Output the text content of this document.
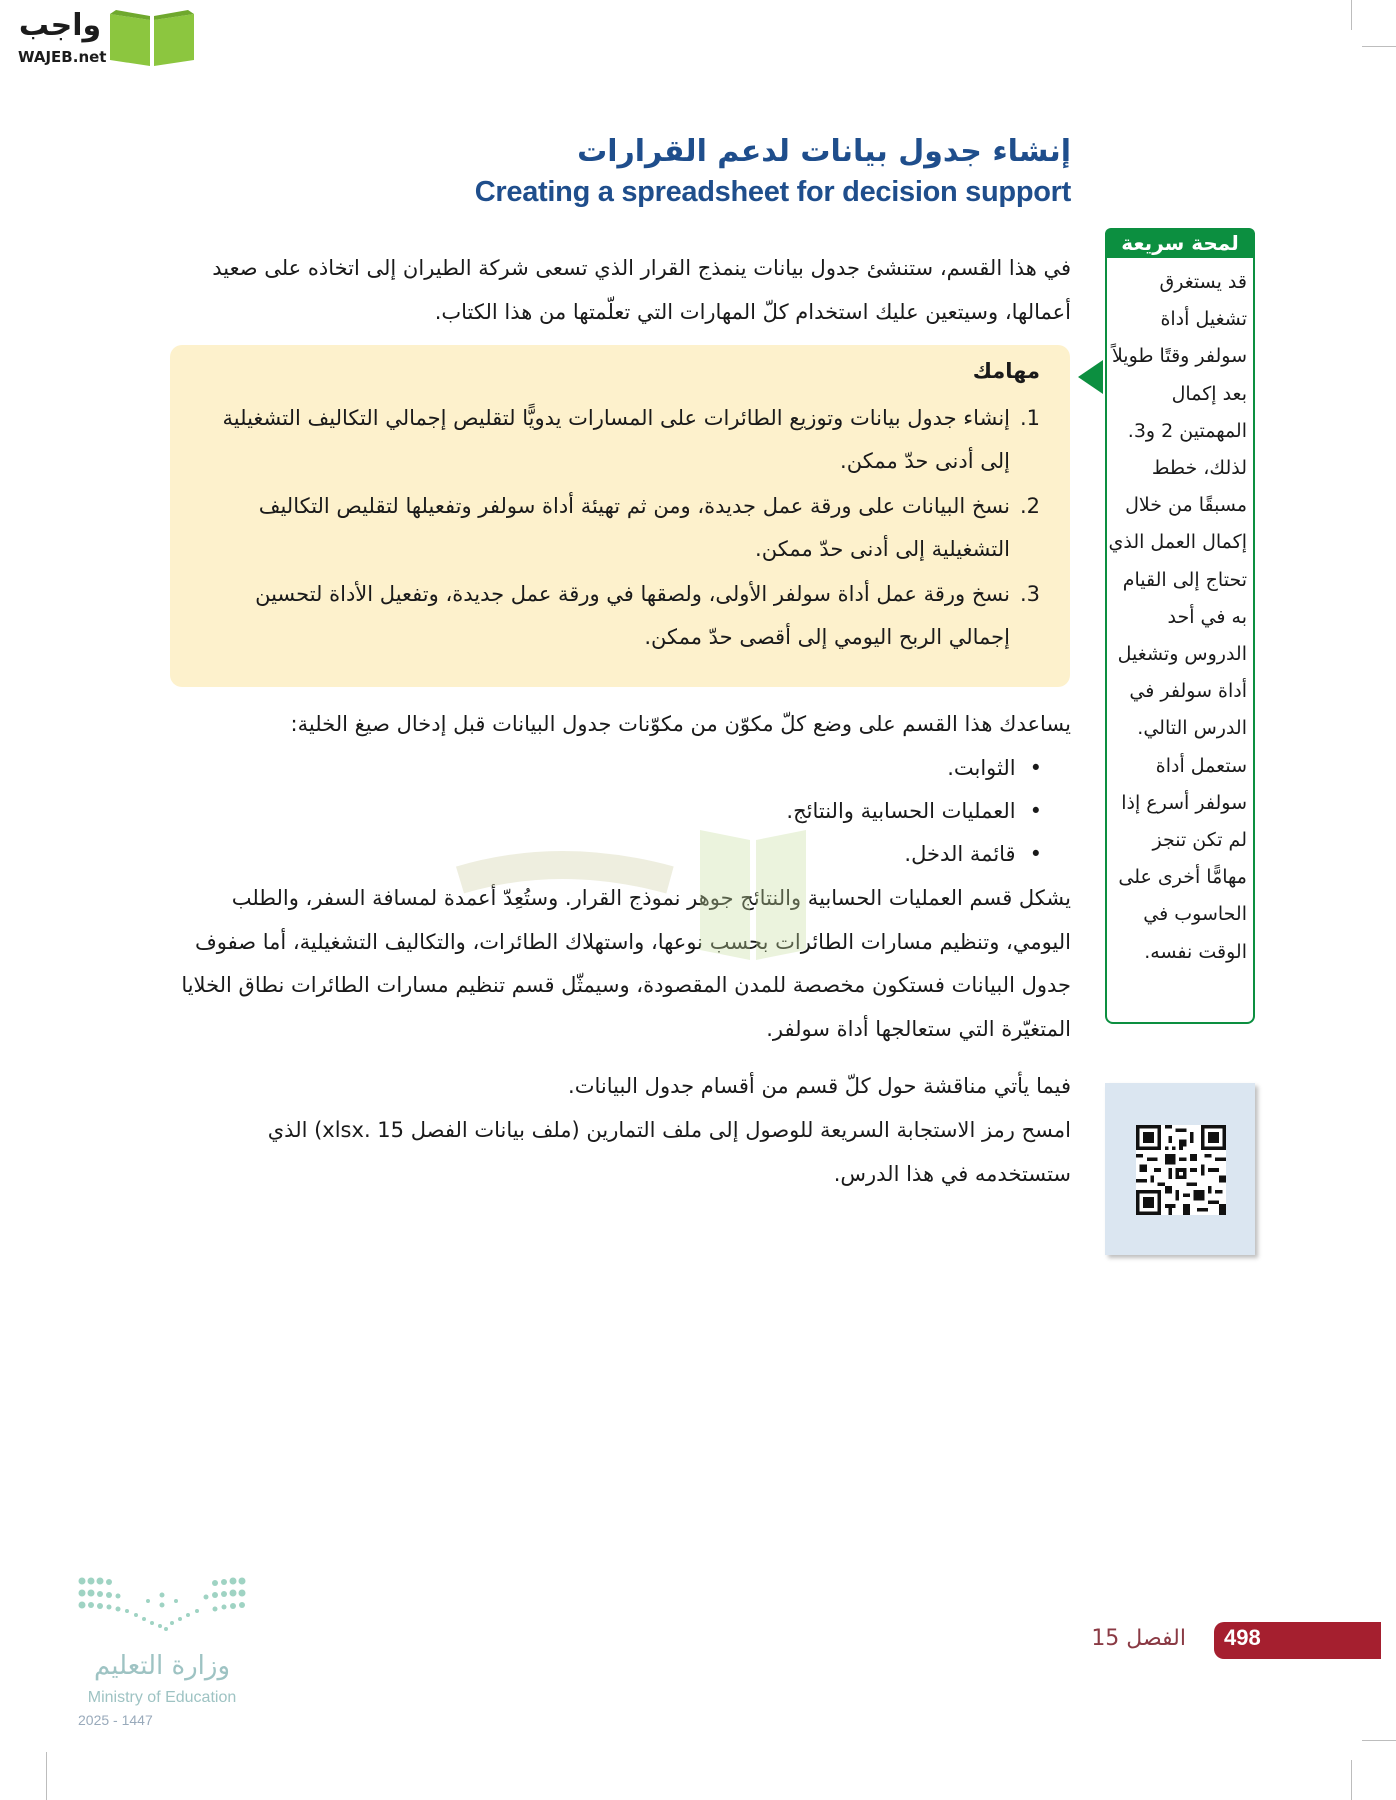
واجب
WAJEB.net
إنشاء جدول بيانات لدعم القرارات
Creating a spreadsheet for decision support
في هذا القسم، ستنشئ جدول بيانات ينمذج القرار الذي تسعى شركة الطيران إلى اتخاذه على صعيد أعمالها، وسيتعين عليك استخدام كلّ المهارات التي تعلّمتها من هذا الكتاب.
مهامك
1.
إنشاء جدول بيانات وتوزيع الطائرات على المسارات يدويًّا لتقليص إجمالي التكاليف التشغيلية إلى أدنى حدّ ممكن.
2.
نسخ البيانات على ورقة عمل جديدة، ومن ثم تهيئة أداة سولفر وتفعيلها لتقليص التكاليف التشغيلية إلى أدنى حدّ ممكن.
3.
نسخ ورقة عمل أداة سولفر الأولى، ولصقها في ورقة عمل جديدة، وتفعيل الأداة لتحسين إجمالي الربح اليومي إلى أقصى حدّ ممكن.
يساعدك هذا القسم على وضع كلّ مكوّن من مكوّنات جدول البيانات قبل إدخال صيغ الخلية:
• الثوابت.
• العمليات الحسابية والنتائج.
• قائمة الدخل.
يشكل قسم العمليات الحسابية والنتائج جوهر نموذج القرار. وستُعِدّ أعمدة لمسافة السفر، والطلب اليومي، وتنظيم مسارات الطائرات بحسب نوعها، واستهلاك الطائرات، والتكاليف التشغيلية، أما صفوف جدول البيانات فستكون مخصصة للمدن المقصودة، وسيمثّل قسم تنظيم مسارات الطائرات نطاق الخلايا المتغيّرة التي ستعالجها أداة سولفر.
فيما يأتي مناقشة حول كلّ قسم من أقسام جدول البيانات.
امسح رمز الاستجابة السريعة للوصول إلى ملف التمارين (ملف بيانات الفصل 15 .xlsx) الذي ستستخدمه في هذا الدرس.
لمحة سريعة
قد يستغرق تشغيل أداة سولفر وقتًا طويلاً بعد إكمال المهمتين 2 و3. لذلك، خطط مسبقًا من خلال إكمال العمل الذي تحتاج إلى القيام به في أحد الدروس وتشغيل أداة سولفر في الدرس التالي. ستعمل أداة سولفر أسرع إذا لم تكن تنجز مهامًّا أخرى على الحاسوب في الوقت نفسه.
وزارة التعليم
Ministry of Education
2025 - 1447
الفصل 15 498
